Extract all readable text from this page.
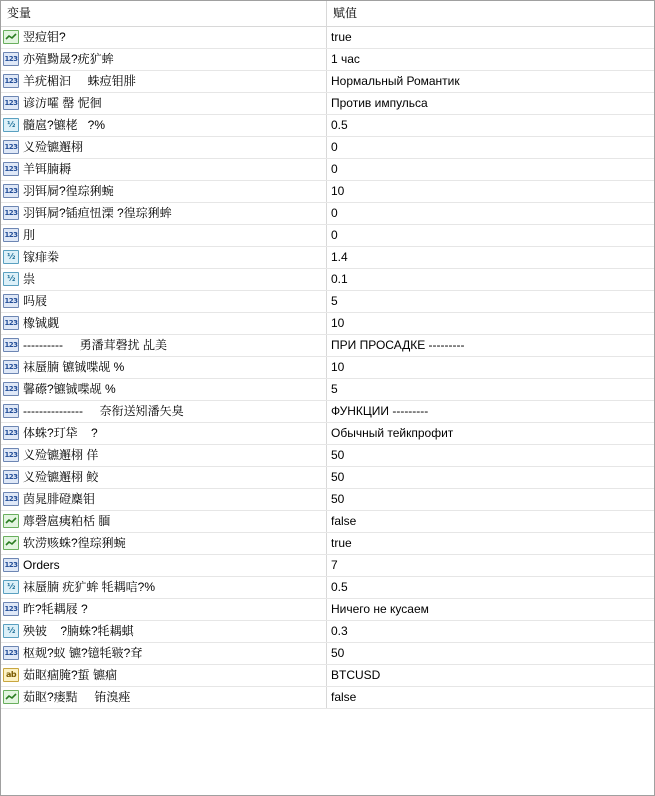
变量	赋值
翌痘钼?	true
123 亦殖黝晟?疣犷蛑	1 час
123 羊疣楣汩     蛛痘钼腓	Нормальный Романтик
123 谚汸嚯 罄 怩徊	Против импульса
½ 髓扈?镳栳   ?%	0.5
123 义殓镳邂栩	0
123 羊铒腩耨	0
123 羽铒屙?徨琮猁蜿	10
123 羽铒屙?锸疸忸溧 ?徨琮猁蛑	0
123 刖	0
½ 镓痱桊	1.4
½ 祟	0.1
123 吗屐	5
123 橡铖觑	10
123 ----------     勇潘茸磬扰 乩美	ПРИ ПРОСАДКЕ ---------
123 袜蜃腩 镳铖喋觇 %	10
123 馨礤?镳铖喋觇 %	5
123 ---------------     奈衔送矧潘矢臭	ФУНКЦИИ ---------
123 体蛛?玎牮    ?	Обычный тейкпрофит
123 义殓镳邂栩 佯	50
123 义殓镳邂栩 鲛	50
123 茵晁腓磴麇钼	50
蓐磬扈痍粕栝 腼	false
软涝赅蛛?徨琮猁蜿	true
123 Orders	7
½ 袜蜃腩 疣犷蛑 牦耦唁?%	0.5
123 昨?牦耦屐 ?	Ничего не кусаем
½ 殃铍    ?腩蛛?牦耦蜞	0.3
123 枢觌?蚁 镳?镱牦皲?耷	50
ab 茹眍痼腌?蜇 镳痼	BTCUSD
茹眍?瘘黠     铕溴痤	false
